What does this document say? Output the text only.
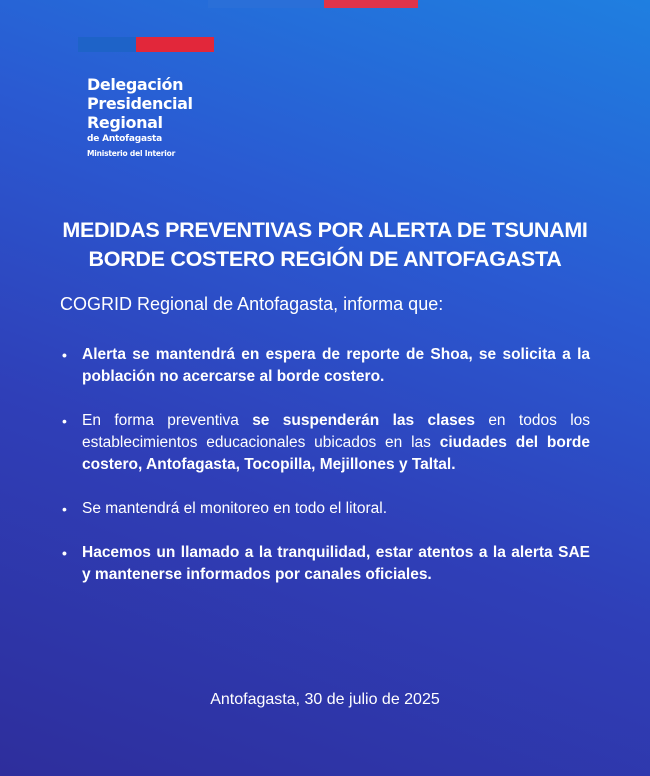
Delegación
Presidencial
Regional
de Antofagasta
Ministerio del Interior
MEDIDAS PREVENTIVAS POR ALERTA DE TSUNAMI
BORDE COSTERO REGIÓN DE ANTOFAGASTA
COGRID Regional de Antofagasta, informa que:
• Alerta se mantendrá en espera de reporte de Shoa, se solicita a la población no acercarse al borde costero.
• En forma preventiva se suspenderán las clases en todos los establecimientos educacionales ubicados en las ciudades del borde costero, Antofagasta, Tocopilla, Mejillones y Taltal.
• Se mantendrá el monitoreo en todo el litoral.
• Hacemos un llamado a la tranquilidad, estar atentos a la alerta SAE y mantenerse informados por canales oficiales.
Antofagasta, 30 de julio de 2025
